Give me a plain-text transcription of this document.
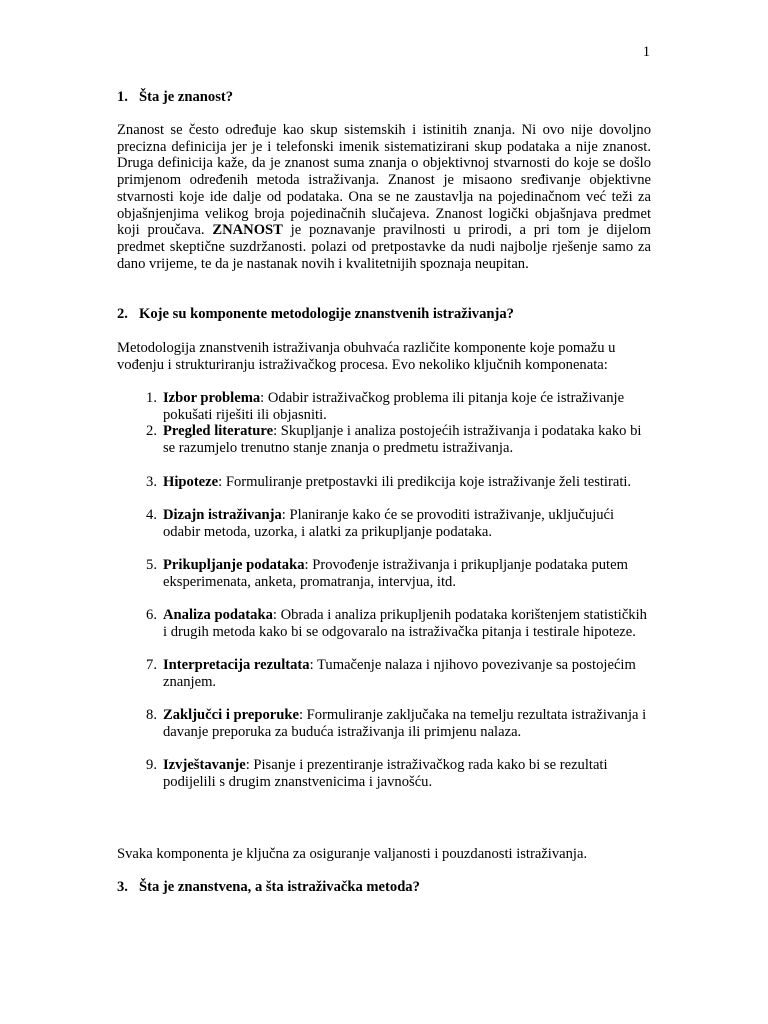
1
1. Šta je znanost?

Znanost se često određuje kao skup sistemskih i istinitih znanja. Ni ovo nije dovoljno precizna definicija jer je i telefonski imenik sistematizirani skup podataka a nije znanost. Druga definicija kaže, da je znanost suma znanja o objektivnoj stvarnosti do koje se došlo primjenom određenih metoda istraživanja. Znanost je misaono sređivanje objektivne stvarnosti koje ide dalje od podataka. Ona se ne zaustavlja na pojedinačnom već teži za objašnjenjima velikog broja pojedinačnih slučajeva. Znanost logički objašnjava predmet koji proučava. ZNANOST je poznavanje pravilnosti u prirodi, a pri tom je dijelom predmet skeptične suzdržanosti. polazi od pretpostavke da nudi najbolje rješenje samo za dano vrijeme, te da je nastanak novih i kvalitetnijih spoznaja neupitan.

2. Koje su komponente metodologije znanstvenih istraživanja?

Metodologija znanstvenih istraživanja obuhvaća različite komponente koje pomažu u vođenju i strukturiranju istraživačkog procesa. Evo nekoliko ključnih komponenata:

1. Izbor problema: Odabir istraživačkog problema ili pitanja koje će istraživanje pokušati riješiti ili objasniti.
2. Pregled literature: Skupljanje i analiza postojećih istraživanja i podataka kako bi se razumjelo trenutno stanje znanja o predmetu istraživanja.
3. Hipoteze: Formuliranje pretpostavki ili predikcija koje istraživanje želi testirati.
4. Dizajn istraživanja: Planiranje kako će se provoditi istraživanje, uključujući odabir metoda, uzorka, i alatki za prikupljanje podataka.
5. Prikupljanje podataka: Provođenje istraživanja i prikupljanje podataka putem eksperimenata, anketa, promatranja, intervjua, itd.
6. Analiza podataka: Obrada i analiza prikupljenih podataka korištenjem statističkih i drugih metoda kako bi se odgovaralo na istraživačka pitanja i testirale hipoteze.
7. Interpretacija rezultata: Tumačenje nalaza i njihovo povezivanje sa postojećim znanjem.
8. Zaključci i preporuke: Formuliranje zaključaka na temelju rezultata istraživanja i davanje preporuka za buduća istraživanja ili primjenu nalaza.
9. Izvještavanje: Pisanje i prezentiranje istraživačkog rada kako bi se rezultati podijelili s drugim znanstvenicima i javnošću.

Svaka komponenta je ključna za osiguranje valjanosti i pouzdanosti istraživanja.

3. Šta je znanstvena, a šta istraživačka metoda?
